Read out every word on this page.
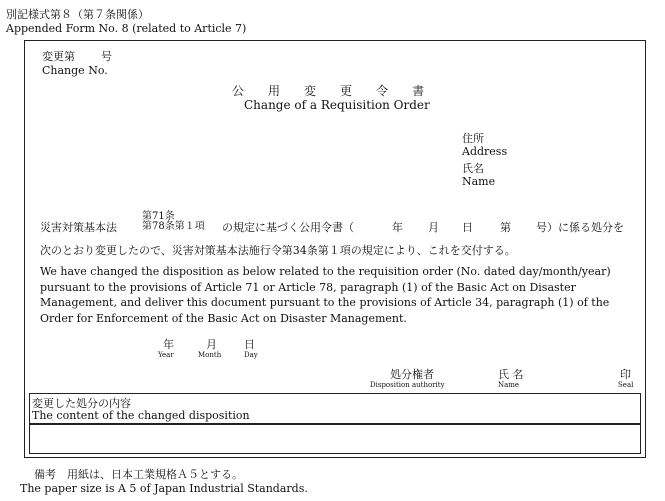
別記様式第８（第７条関係）
Appended Form No. 8 (related to Article 7)
変更第 号
Change No.
公 用 変 更 令 書
Change of a Requisition Order
住所
Address
氏名
Name
災害対策基本法
第71条
第78条第１項 の規定に基づく公用令書（	年 月 日 第 号）に係る処分を
次のとおり変更したので、災害対策基本法施行令第34条第１項の規定により、これを交付する。
We have changed the disposition as below related to the requisition order (No. dated day/month/year)
pursuant to the provisions of Article 71 or Article 78, paragraph (1) of the Basic Act on Disaster
Management, and deliver this document pursuant to the provisions of Article 34, paragraph (1) of the
Order for Enforcement of the Basic Act on Disaster Management.
年
Year
月
Month
日
Day
処分権者
Disposition authority
氏 名
Name
印
Seal
変更した処分の内容
The content of the changed disposition
備考　用紙は、日本工業規格Ａ５とする。
The paper size is A 5 of Japan Industrial Standards.
